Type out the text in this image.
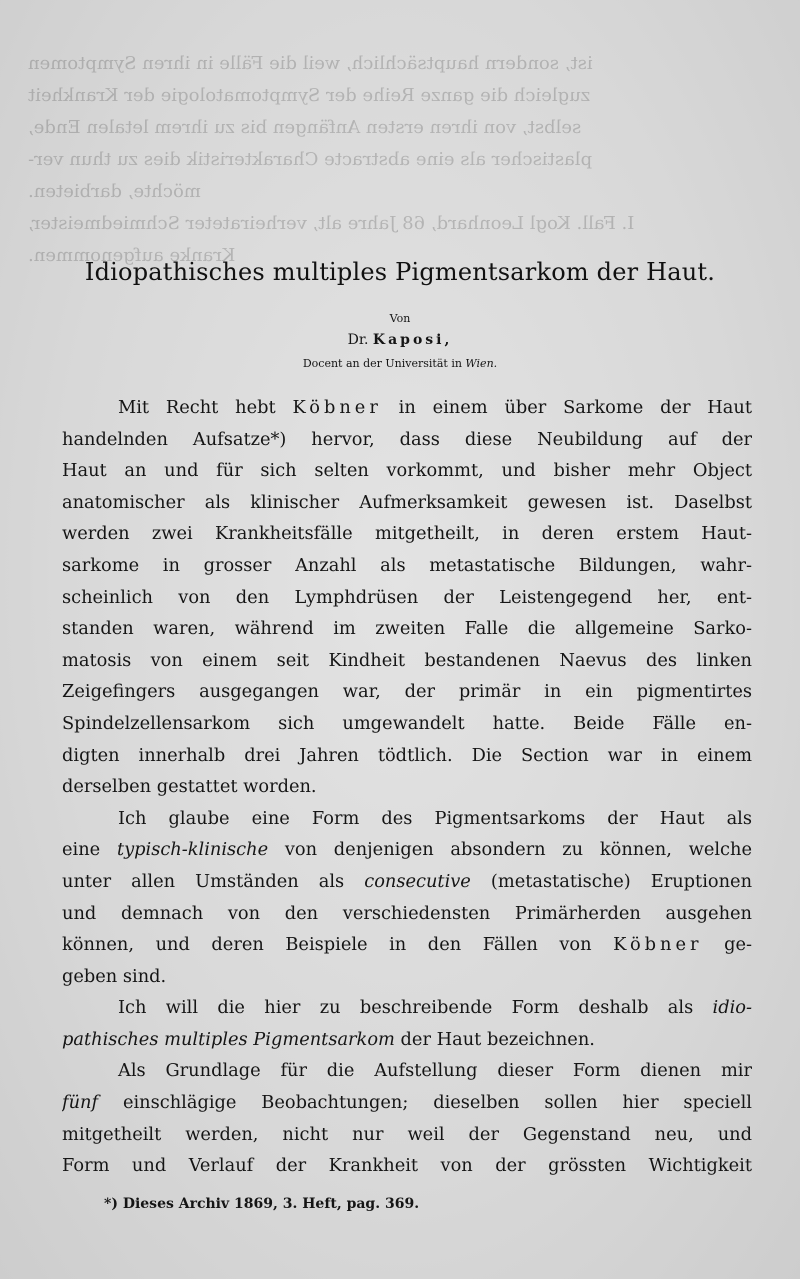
ist, sondern hauptsächlich, weil die Fälle in ihren Symptomen
zugleich die ganze Reihe der Symptomatologie der Krankheit
selbst, von ihren ersten Anfängen bis zu ihrem letalen Ende,
plastischer als eine abstracte Charakteristik dies zu thun ver-
möchte, darbieten.
I. Fall. Kogl Leonhard, 68 Jahre alt, verheirateter Schmiedmeister,
Kranke aufgenommen.
Idiopathisches multiples Pigmentsarkom der Haut.
Von
Dr. Kaposi,
Docent an der Universität in Wien.
Mit Recht hebt Köbner in einem über Sarkome der Haut
handelnden Aufsatze*) hervor, dass diese Neubildung auf der
Haut an und für sich selten vorkommt, und bisher mehr Object
anatomischer als klinischer Aufmerksamkeit gewesen ist. Daselbst
werden zwei Krankheitsfälle mitgetheilt, in deren erstem Haut-
sarkome in grosser Anzahl als metastatische Bildungen, wahr-
scheinlich von den Lymphdrüsen der Leistengegend her, ent-
standen waren, während im zweiten Falle die allgemeine Sarko-
matosis von einem seit Kindheit bestandenen Naevus des linken
Zeigefingers ausgegangen war, der primär in ein pigmentirtes
Spindelzellensarkom sich umgewandelt hatte. Beide Fälle en-
digten innerhalb drei Jahren tödtlich. Die Section war in einem
derselben gestattet worden.
Ich glaube eine Form des Pigmentsarkoms der Haut als
eine typisch-klinische von denjenigen absondern zu können, welche
unter allen Umständen als consecutive (metastatische) Eruptionen
und demnach von den verschiedensten Primärherden ausgehen
können, und deren Beispiele in den Fällen von Köbner ge-
geben sind.
Ich will die hier zu beschreibende Form deshalb als idio-
pathisches multiples Pigmentsarkom der Haut bezeichnen.
Als Grundlage für die Aufstellung dieser Form dienen mir
fünf einschlägige Beobachtungen; dieselben sollen hier speciell
mitgetheilt werden, nicht nur weil der Gegenstand neu, und
Form und Verlauf der Krankheit von der grössten Wichtigkeit
*) Dieses Archiv 1869, 3. Heft, pag. 369.
